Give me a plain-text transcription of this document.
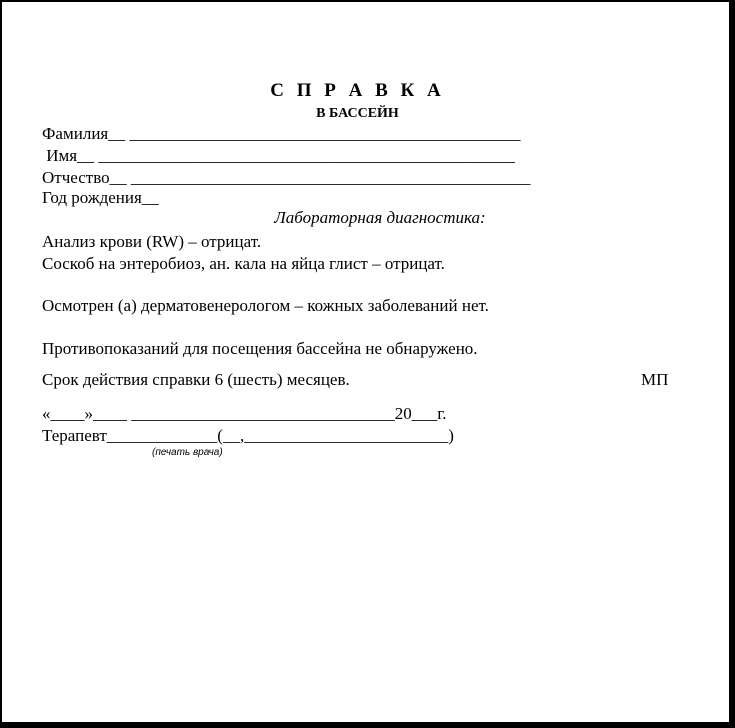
С П Р А В К А
В БАССЕЙН
Фамилия__ ______________________________________________
Имя__ _________________________________________________
Отчество__ _______________________________________________
Год рождения__
Лабораторная диагностика:
Анализ крови (RW) – отрицат.
Соскоб на энтеробиоз, ан. кала на яйца глист – отрицат.
Осмотрен (а) дерматовенерологом – кожных заболеваний нет.
Противопоказаний для посещения бассейна не обнаружено.
Срок действия справки 6 (шесть) месяцев.	МП
«____»____ _______________________________20___г.
Терапевт_____________(__,________________________)
(печать врача)
